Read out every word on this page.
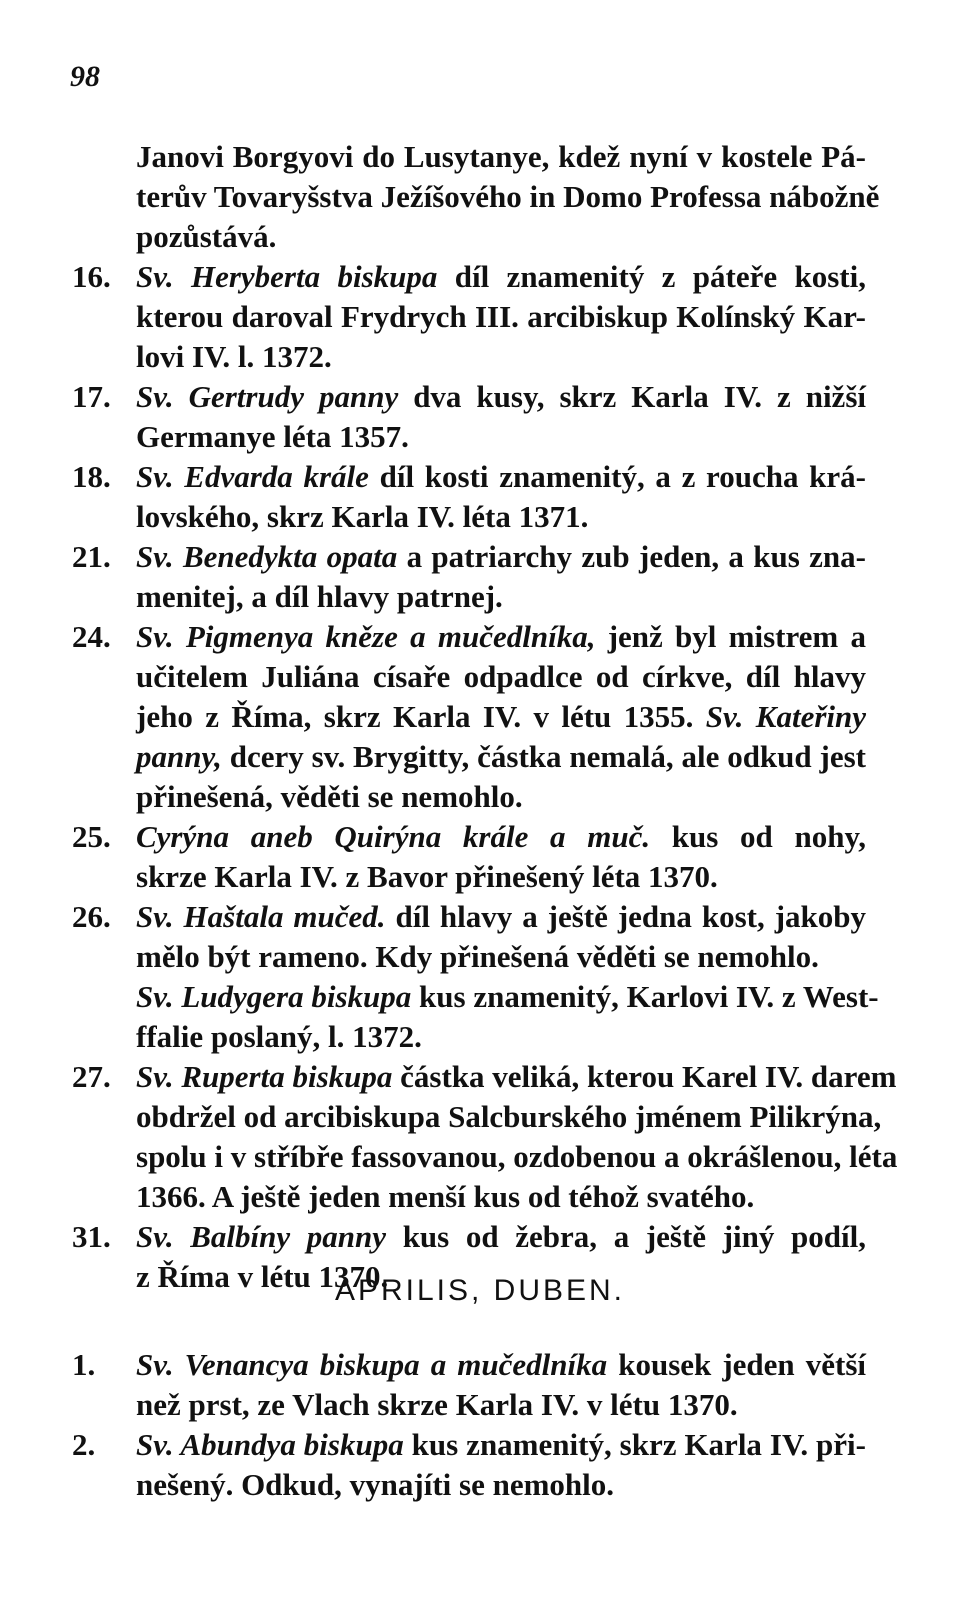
98
Janovi Borgyovi do Lusytanye, kdež nyní v kostele Pá-
terův Tovaryšstva Ježíšového in Domo Professa nábožně
pozůstává.
16. Sv. Heryberta biskupa díl znamenitý z páteře kosti,
kterou daroval Frydrych III. arcibiskup Kolínský Kar-
lovi IV. l. 1372.
17. Sv. Gertrudy panny dva kusy, skrz Karla IV. z nižší
Germanye léta 1357.
18. Sv. Edvarda krále díl kosti znamenitý, a z roucha krá-
lovského, skrz Karla IV. léta 1371.
21. Sv. Benedykta opata a patriarchy zub jeden, a kus zna-
menitej, a díl hlavy patrnej.
24. Sv. Pigmenya kněze a mučedlníka, jenž byl mistrem a
učitelem Juliána císaře odpadlce od církve, díl hlavy
jeho z Říma, skrz Karla IV. v létu 1355. Sv. Kateřiny
panny, dcery sv. Brygitty, částka nemalá, ale odkud jest
přinešená, věděti se nemohlo.
25. Cyrýna aneb Quirýna krále a muč. kus od nohy,
skrze Karla IV. z Bavor přinešený léta 1370.
26. Sv. Haštala mučed. díl hlavy a ještě jedna kost, jakoby
mělo být rameno. Kdy přinešená věděti se nemohlo.
Sv. Ludygera biskupa kus znamenitý, Karlovi IV. z West-
ffalie poslaný, l. 1372.
27. Sv. Ruperta biskupa částka veliká, kterou Karel IV. darem
obdržel od arcibiskupa Salcburského jménem Pilikrýna,
spolu i v stříbře fassovanou, ozdobenou a okrášlenou, léta
1366. A ještě jeden menší kus od téhož svatého.
31. Sv. Balbíny panny kus od žebra, a ještě jiný podíl,
z Říma v létu 1370.
1.	Sv. Venancya biskupa a mučedlníka kousek jeden větší
než prst, ze Vlach skrze Karla IV. v létu 1370.
2.	Sv. Abundya biskupa kus znamenitý, skrz Karla IV. při-
nešený. Odkud, vynajíti se nemohlo.
APRILIS, DUBEN.
